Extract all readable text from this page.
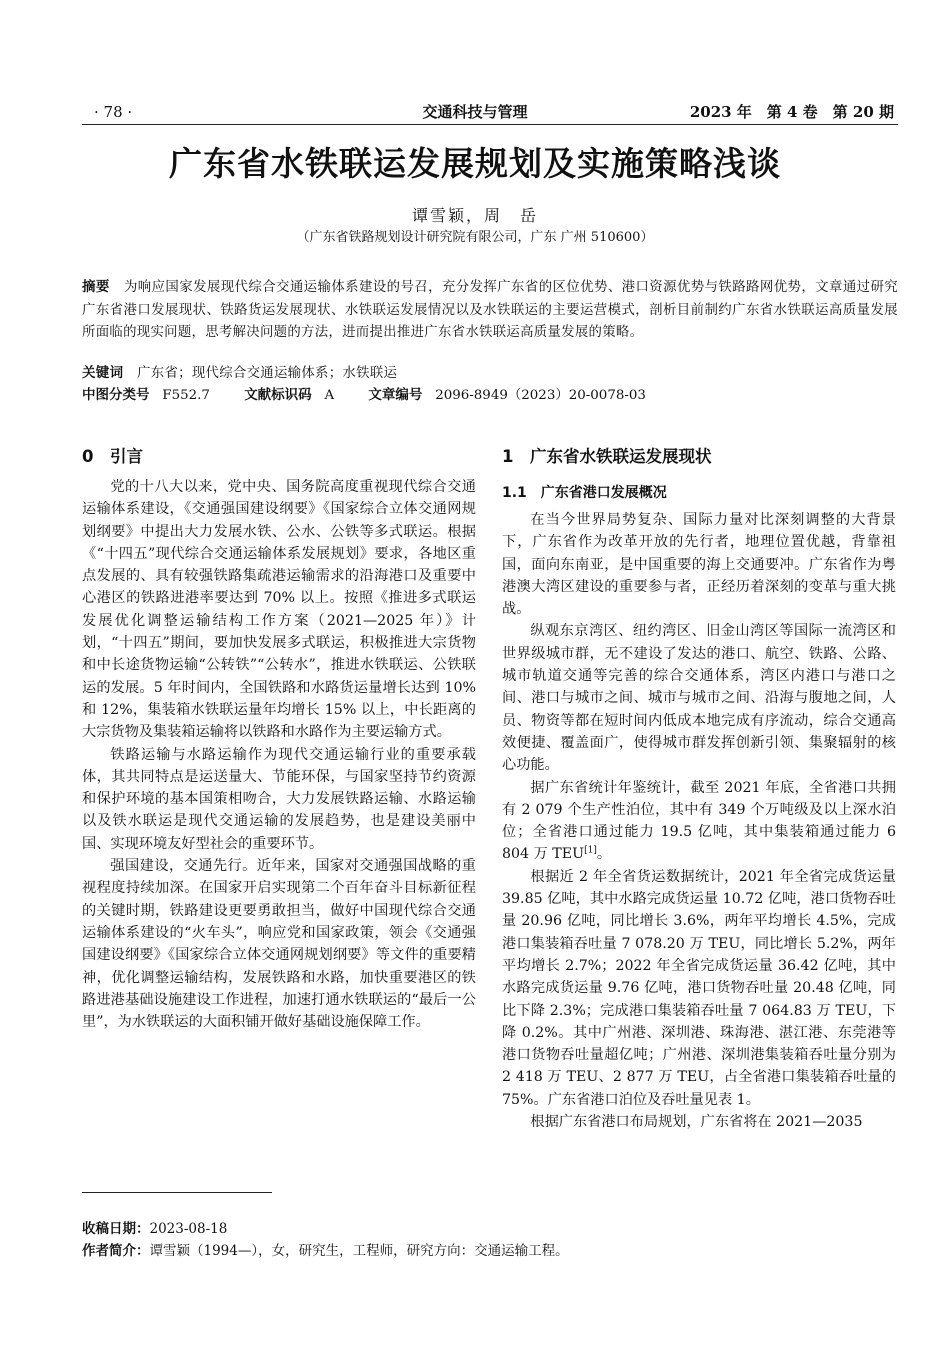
· 78 ·	交通科技与管理	2023 年　第 4 卷　第 20 期
广东省水铁联运发展规划及实施策略浅谈
谭雪颖，周　岳
（广东省铁路规划设计研究院有限公司，广东 广州 510600）
摘要 为响应国家发展现代综合交通运输体系建设的号召，充分发挥广东省的区位优势、港口资源优势与铁路路网优势，文章通过研究广东省港口发展现状、铁路货运发展现状、水铁联运发展情况以及水铁联运的主要运营模式，剖析目前制约广东省水铁联运高质量发展所面临的现实问题，思考解决问题的方法，进而提出推进广东省水铁联运高质量发展的策略。
关键词 广东省；现代综合交通运输体系；水铁联运
中图分类号 F552.7	文献标识码 A	文章编号 2096-8949（2023）20-0078-03
0　引言

党的十八大以来，党中央、国务院高度重视现代综合交通运输体系建设，《交通强国建设纲要》《国家综合立体交通网规划纲要》中提出大力发展水铁、公水、公铁等多式联运。根据《“十四五”现代综合交通运输体系发展规划》要求，各地区重点发展的、具有较强铁路集疏港运输需求的沿海港口及重要中心港区的铁路进港率要达到 70% 以上。按照《推进多式联运发展优化调整运输结构工作方案（2021—2025 年）》计划，“十四五”期间，要加快发展多式联运，积极推进大宗货物和中长途货物运输“公转铁”“公转水”，推进水铁联运、公铁联运的发展。5 年时间内，全国铁路和水路货运量增长达到 10% 和 12%，集装箱水铁联运量年均增长 15% 以上，中长距离的大宗货物及集装箱运输将以铁路和水路作为主要运输方式。

铁路运输与水路运输作为现代交通运输行业的重要承载体，其共同特点是运送量大、节能环保，与国家坚持节约资源和保护环境的基本国策相吻合，大力发展铁路运输、水路运输以及铁水联运是现代交通运输的发展趋势，也是建设美丽中国、实现环境友好型社会的重要环节。

强国建设，交通先行。近年来，国家对交通强国战略的重视程度持续加深。在国家开启实现第二个百年奋斗目标新征程的关键时期，铁路建设更要勇敢担当，做好中国现代综合交通运输体系建设的“火车头”，响应党和国家政策，领会《交通强国建设纲要》《国家综合立体交通网规划纲要》等文件的重要精神，优化调整运输结构，发展铁路和水路，加快重要港区的铁路进港基础设施建设工作进程，加速打通水铁联运的“最后一公里”，为水铁联运的大面积铺开做好基础设施保障工作。

1　广东省水铁联运发展现状
1.1　广东省港口发展概况

在当今世界局势复杂、国际力量对比深刻调整的大背景下，广东省作为改革开放的先行者，地理位置优越，背靠祖国，面向东南亚，是中国重要的海上交通要冲。广东省作为粤港澳大湾区建设的重要参与者，正经历着深刻的变革与重大挑战。

纵观东京湾区、纽约湾区、旧金山湾区等国际一流湾区和世界级城市群，无不建设了发达的港口、航空、铁路、公路、城市轨道交通等完善的综合交通体系，湾区内港口与港口之间、港口与城市之间、城市与城市之间、沿海与腹地之间，人员、物资等都在短时间内低成本地完成有序流动，综合交通高效便捷、覆盖面广，使得城市群发挥创新引领、集聚辐射的核心功能。

据广东省统计年鉴统计，截至 2021 年底，全省港口共拥有 2 079 个生产性泊位，其中有 349 个万吨级及以上深水泊位；全省港口通过能力 19.5 亿吨，其中集装箱通过能力 6 804 万 TEU[1]。

根据近 2 年全省货运数据统计，2021 年全省完成货运量 39.85 亿吨，其中水路完成货运量 10.72 亿吨，港口货物吞吐量 20.96 亿吨，同比增长 3.6%，两年平均增长 4.5%，完成港口集装箱吞吐量 7 078.20 万 TEU，同比增长 5.2%，两年平均增长 2.7%；2022 年全省完成货运量 36.42 亿吨，其中水路完成货运量 9.76 亿吨，港口货物吞吐量 20.48 亿吨，同比下降 2.3%；完成港口集装箱吞吐量 7 064.83 万 TEU，下降 0.2%。其中广州港、深圳港、珠海港、湛江港、东莞港等港口货物吞吐量超亿吨；广州港、深圳港集装箱吞吐量分别为 2 418 万 TEU、2 877 万 TEU，占全省港口集装箱吞吐量的 75%。广东省港口泊位及吞吐量见表 1。

根据广东省港口布局规划，广东省将在 2021—2035

收稿日期：2023-08-18
作者简介：谭雪颖（1994—），女，研究生，工程师，研究方向：交通运输工程。
